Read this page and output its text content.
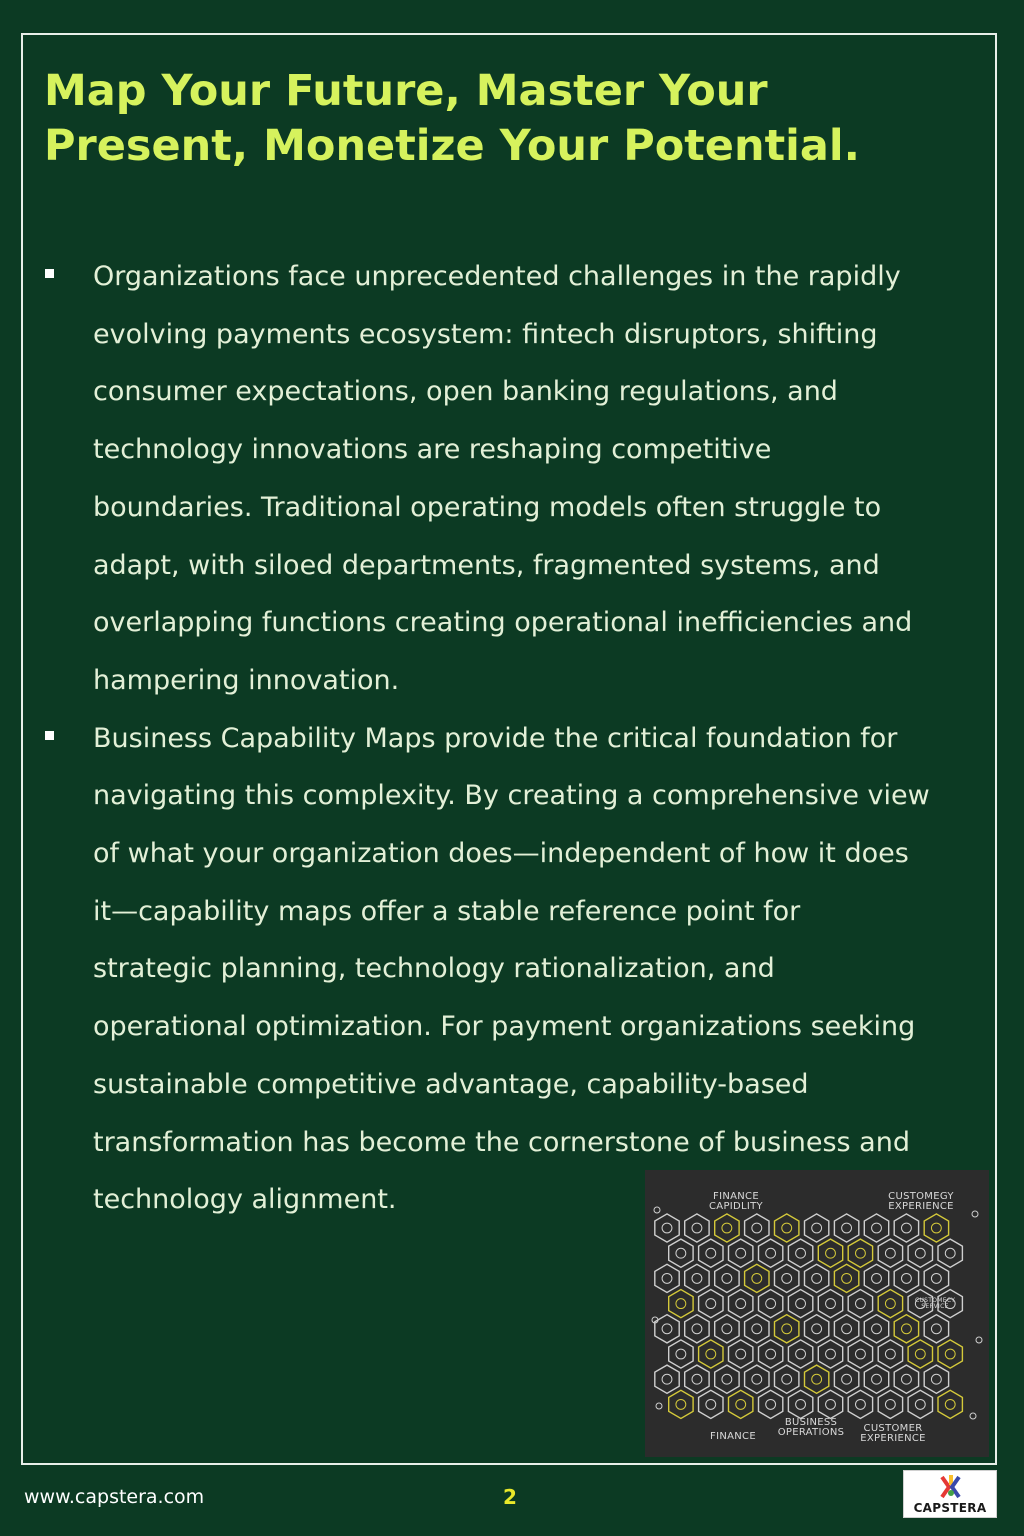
Map Your Future, Master Your
Present, Monetize Your Potential.
Organizations face unprecedented challenges in the rapidly
evolving payments ecosystem: fintech disruptors, shifting
consumer expectations, open banking regulations, and
technology innovations are reshaping competitive
boundaries. Traditional operating models often struggle to
adapt, with siloed departments, fragmented systems, and
overlapping functions creating operational inefficiencies and
hampering innovation.
Business Capability Maps provide the critical foundation for
navigating this complexity. By creating a comprehensive view
of what your organization does—independent of how it does
it—capability maps offer a stable reference point for
strategic planning, technology rationalization, and
operational optimization. For payment organizations seeking
sustainable competitive advantage, capability-based
transformation has become the cornerstone of business and
technology alignment.	FINANCE CAPIDLITY
CUSTOMEGY EXPERIENCE
CUSTOMECY SERVICE
FINANCE
BUSINESS OPERATIONS	CUSTOMER EXPERIENCE
www.capstera.com	2	CAPSTERA
